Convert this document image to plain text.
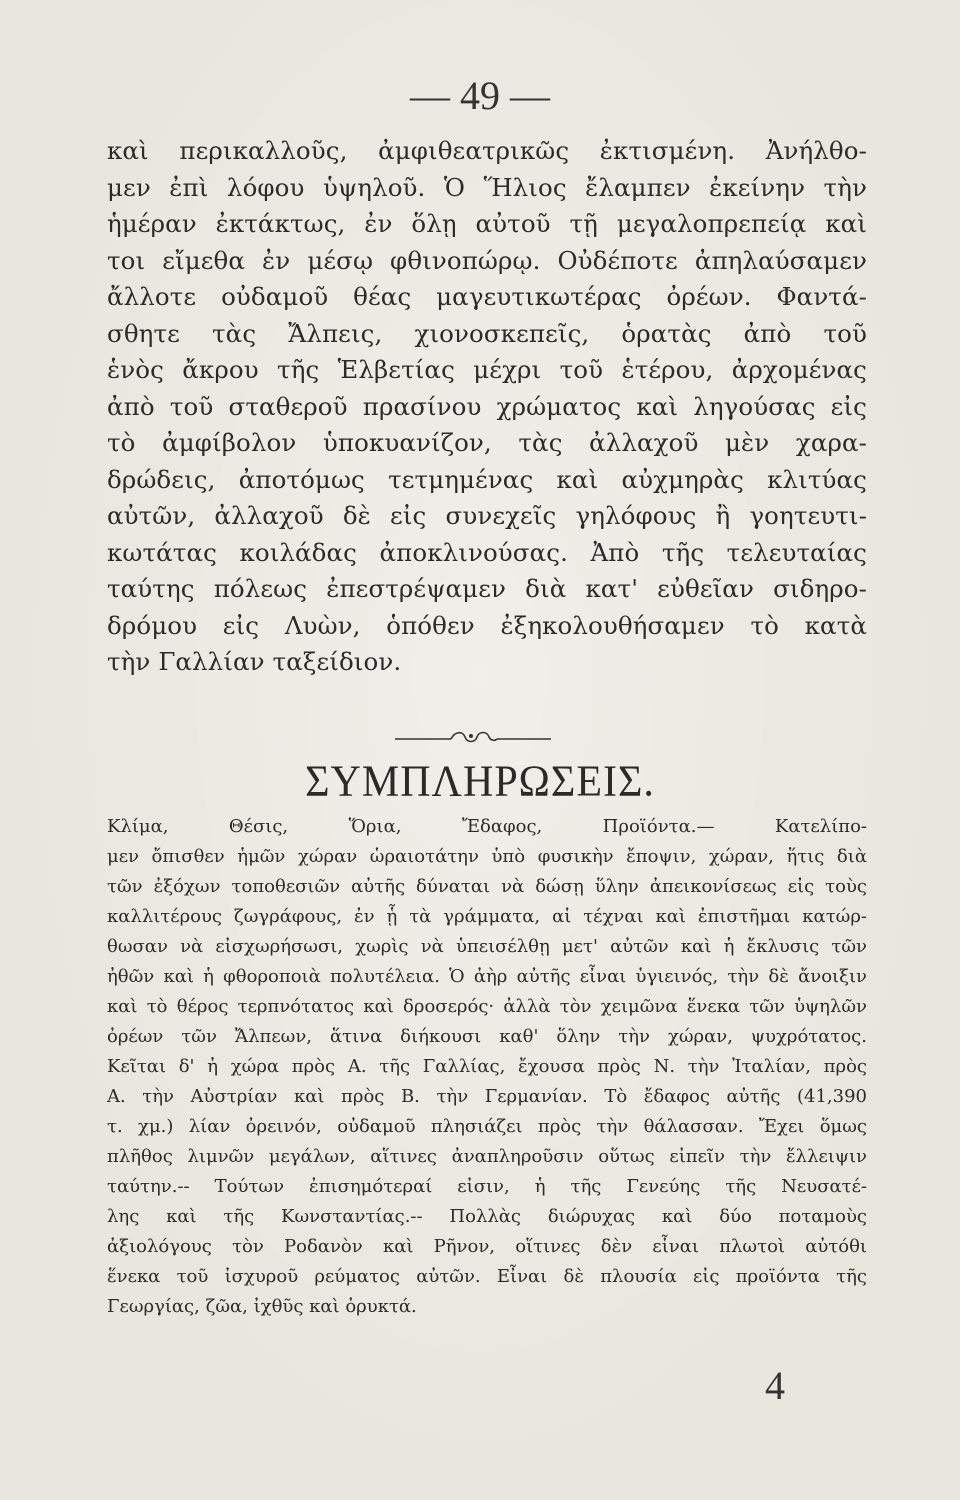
— 49 —
καὶ περικαλλοῦς, ἀμφιθεατρικῶς ἐκτισμένη. Ἀνήλθο-
μεν ἐπὶ λόφου ὑψηλοῦ. Ὁ Ἥλιος ἔλαμπεν ἐκείνην τὴν
ἡμέραν ἐκτάκτως, ἐν ὅλῃ αὐτοῦ τῇ μεγαλοπρεπείᾳ καὶ
τοι εἴμεθα ἐν μέσῳ φθινοπώρῳ. Οὐδέποτε ἀπηλαύσαμεν
ἄλλοτε οὐδαμοῦ θέας μαγευτικωτέρας ὀρέων. Φαντά-
σθητε τὰς Ἄλπεις, χιονοσκεπεῖς, ὁρατὰς ἀπὸ τοῦ
ἑνὸς ἄκρου τῆς Ἑλβετίας μέχρι τοῦ ἑτέρου, ἀρχομένας
ἀπὸ τοῦ σταθεροῦ πρασίνου χρώματος καὶ ληγούσας εἰς
τὸ ἀμφίβολον ὑποκυανίζον, τὰς ἀλλαχοῦ μὲν χαρα-
δρώδεις, ἀποτόμως τετμημένας καὶ αὐχμηρὰς κλιτύας
αὐτῶν, ἀλλαχοῦ δὲ εἰς συνεχεῖς γηλόφους ἢ γοητευτι-
κωτάτας κοιλάδας ἀποκλινούσας. Ἀπὸ τῆς τελευταίας
ταύτης πόλεως ἐπεστρέψαμεν διὰ κατ' εὐθεῖαν σιδηρο-
δρόμου εἰς Λυὼν, ὁπόθεν ἐξηκολουθήσαμεν τὸ κατὰ
τὴν Γαλλίαν ταξείδιον.
ΣΥΜΠΛΗΡΩΣΕΙΣ.
Κλίμα, Θέσις, Ὅρια, Ἔδαφος, Προϊόντα.— Κατελίπο-
μεν ὄπισθεν ἡμῶν χώραν ὡραιοτάτην ὑπὸ φυσικὴν ἔποψιν, χώραν, ἥτις διὰ
τῶν ἐξόχων τοποθεσιῶν αὐτῆς δύναται νὰ δώσῃ ὕλην ἀπεικονίσεως εἰς τοὺς
καλλιτέρους ζωγράφους, ἐν ᾗ τὰ γράμματα, αἱ τέχναι καὶ ἐπιστῆμαι κατώρ-
θωσαν νὰ εἰσχωρήσωσι, χωρὶς νὰ ὑπεισέλθῃ μετ' αὐτῶν καὶ ἡ ἔκλυσις τῶν
ἠθῶν καὶ ἡ φθοροποιὰ πολυτέλεια. Ὁ ἀὴρ αὐτῆς εἶναι ὑγιεινός, τὴν δὲ ἄνοιξιν
καὶ τὸ θέρος τερπνότατος καὶ δροσερός· ἀλλὰ τὸν χειμῶνα ἕνεκα τῶν ὑψηλῶν
ὀρέων τῶν Ἄλπεων, ἅτινα διήκουσι καθ' ὅλην τὴν χώραν, ψυχρότατος.
Κεῖται δ' ἡ χώρα πρὸς Α. τῆς Γαλλίας, ἔχουσα πρὸς Ν. τὴν Ἰταλίαν, πρὸς
Α. τὴν Αὐστρίαν καὶ πρὸς Β. τὴν Γερμανίαν. Τὸ ἔδαφος αὐτῆς (41,390
τ. χμ.) λίαν ὀρεινόν, οὐδαμοῦ πλησιάζει πρὸς τὴν θάλασσαν. Ἔχει ὅμως
πλῆθος λιμνῶν μεγάλων, αἵτινες ἀναπληροῦσιν οὕτως εἰπεῖν τὴν ἔλλειψιν
ταύτην.-- Τούτων ἐπισημότεραί εἰσιν, ἡ τῆς Γενεύης τῆς Νευσατέ-
λης καὶ τῆς Κωνσταντίας.-- Πολλὰς διώρυχας καὶ δύο ποταμοὺς
ἀξιολόγους τὸν Ροδανὸν καὶ Ρῆνον, οἵτινες δὲν εἶναι πλωτοὶ αὐτόθι
ἕνεκα τοῦ ἰσχυροῦ ρεύματος αὐτῶν. Εἶναι δὲ πλουσία εἰς προϊόντα τῆς
Γεωργίας, ζῶα, ἰχθῦς καὶ ὀρυκτά.
4
